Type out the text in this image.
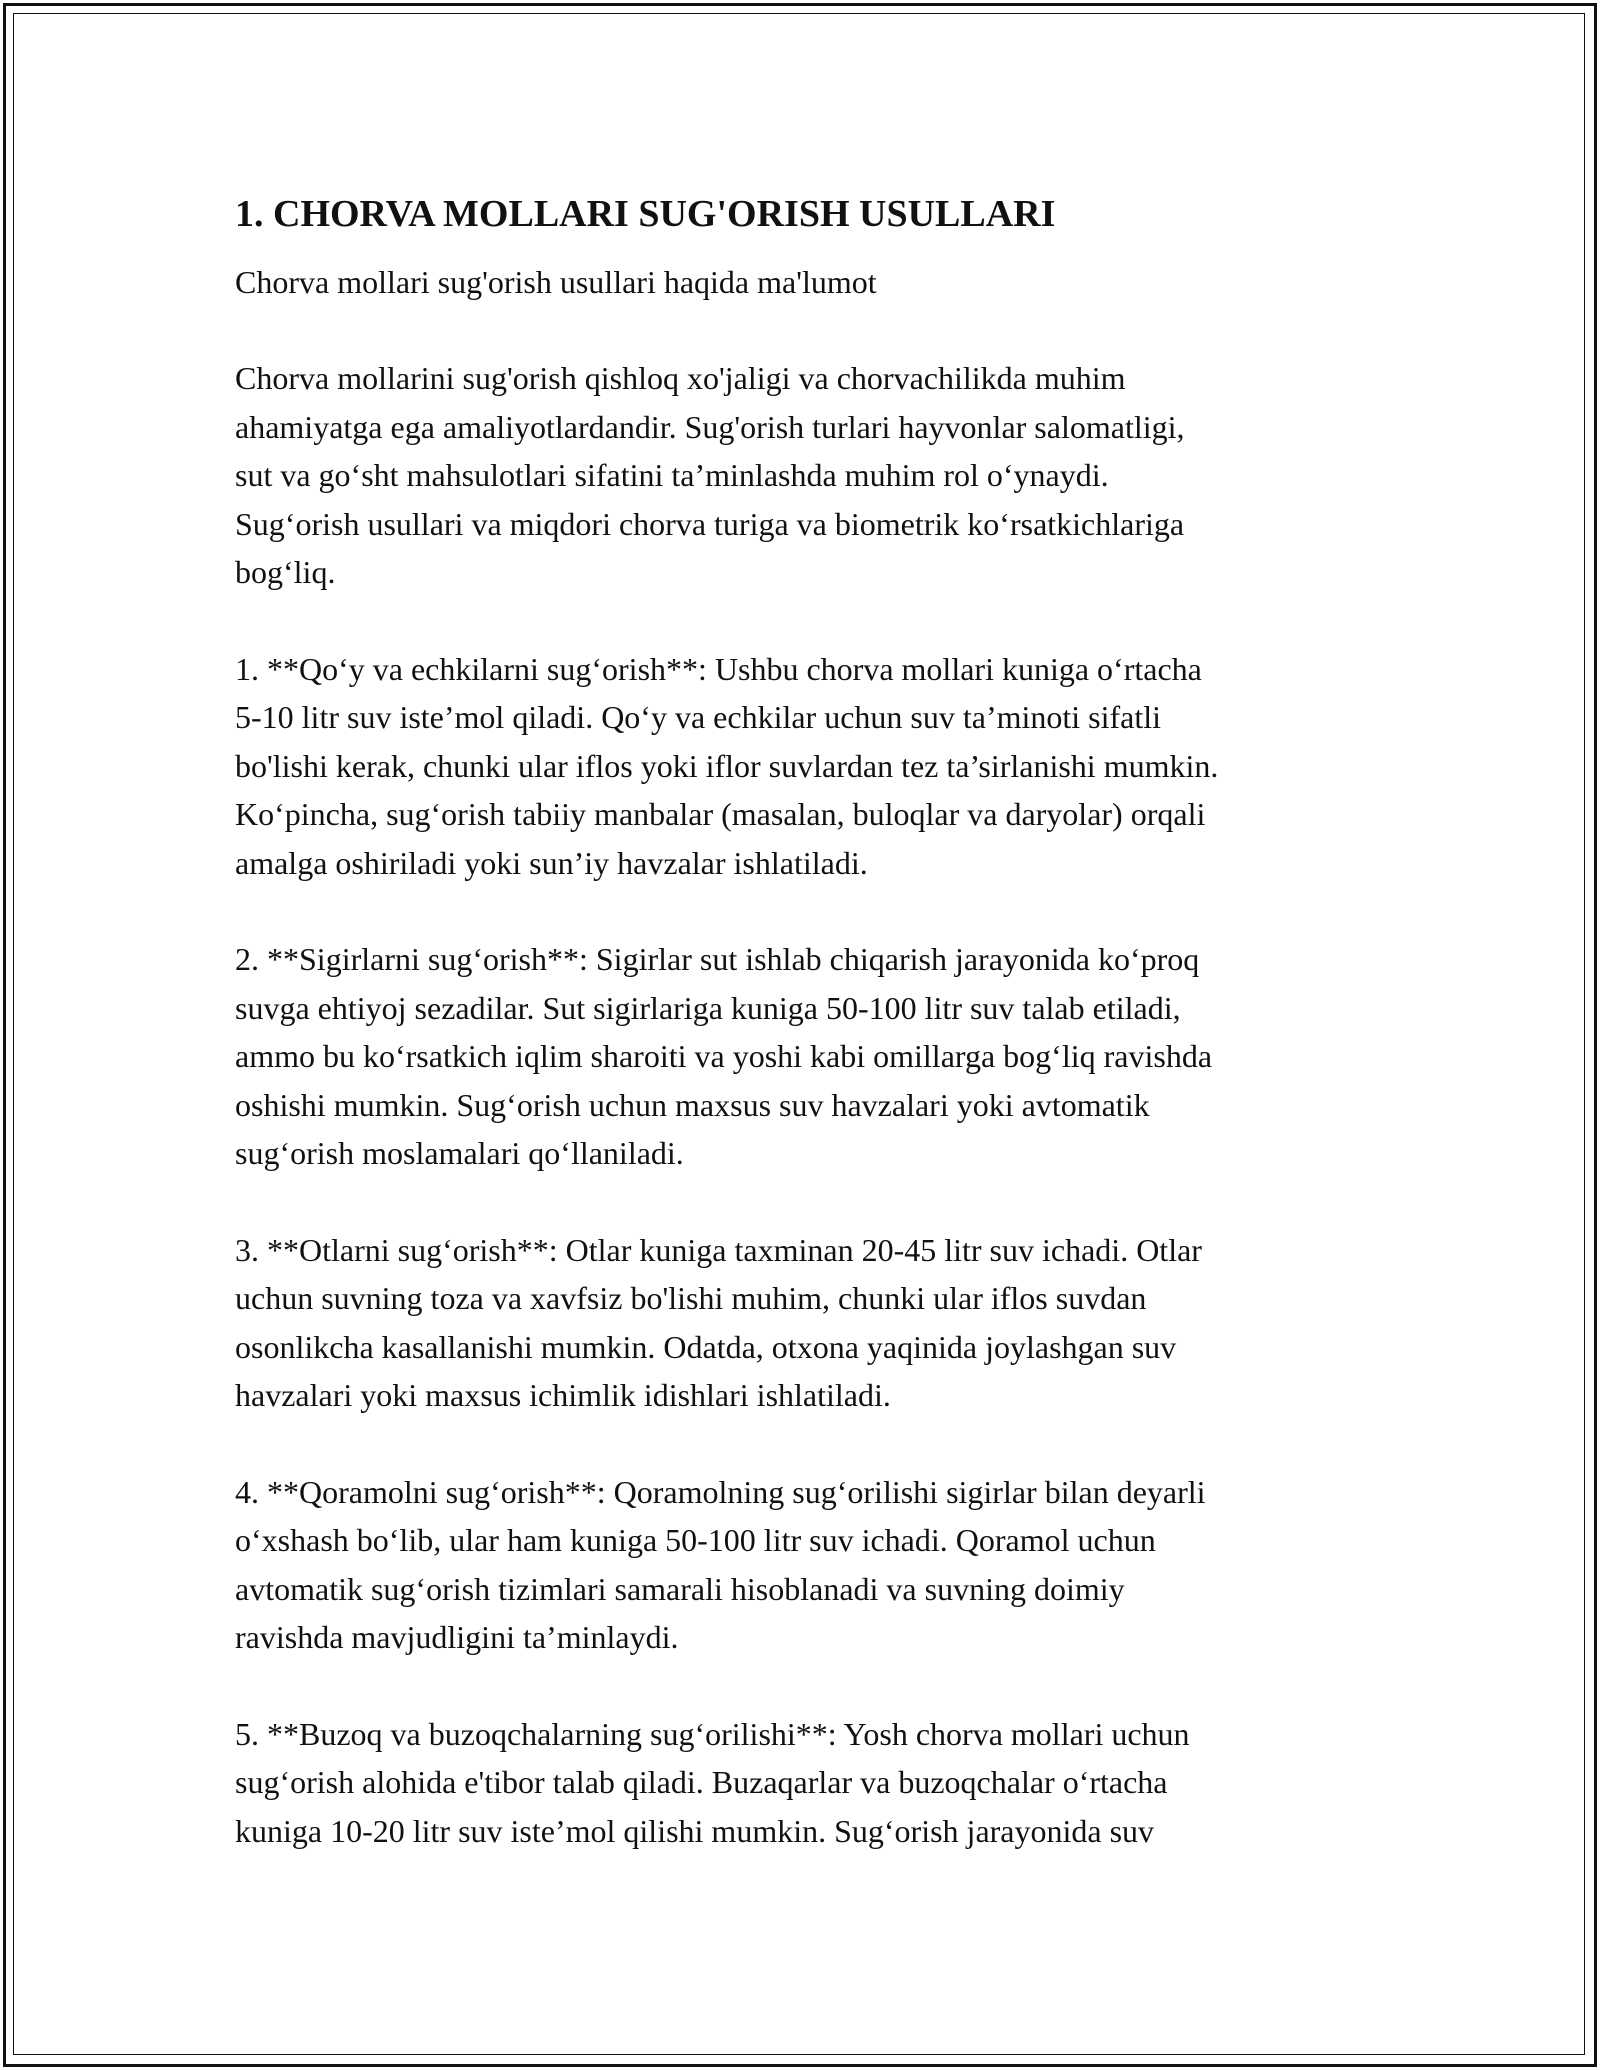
1. CHORVA MOLLARI SUG'ORISH USULLARI

Chorva mollari sug'orish usullari haqida ma'lumot

Chorva mollarini sug'orish qishloq xo'jaligi va chorvachilikda muhim
ahamiyatga ega amaliyotlardandir. Sug'orish turlari hayvonlar salomatligi,
sut va go‘sht mahsulotlari sifatini ta’minlashda muhim rol o‘ynaydi.
Sug‘orish usullari va miqdori chorva turiga va biometrik ko‘rsatkichlariga
bog‘liq.

1. **Qo‘y va echkilarni sug‘orish**: Ushbu chorva mollari kuniga o‘rtacha
5-10 litr suv iste’mol qiladi. Qo‘y va echkilar uchun suv ta’minoti sifatli
bo'lishi kerak, chunki ular iflos yoki iflor suvlardan tez ta’sirlanishi mumkin.
Ko‘pincha, sug‘orish tabiiy manbalar (masalan, buloqlar va daryolar) orqali
amalga oshiriladi yoki sun’iy havzalar ishlatiladi.

2. **Sigirlarni sug‘orish**: Sigirlar sut ishlab chiqarish jarayonida ko‘proq
suvga ehtiyoj sezadilar. Sut sigirlariga kuniga 50-100 litr suv talab etiladi,
ammo bu ko‘rsatkich iqlim sharoiti va yoshi kabi omillarga bog‘liq ravishda
oshishi mumkin. Sug‘orish uchun maxsus suv havzalari yoki avtomatik
sug‘orish moslamalari qo‘llaniladi.

3. **Otlarni sug‘orish**: Otlar kuniga taxminan 20-45 litr suv ichadi. Otlar
uchun suvning toza va xavfsiz bo'lishi muhim, chunki ular iflos suvdan
osonlikcha kasallanishi mumkin. Odatda, otxona yaqinida joylashgan suv
havzalari yoki maxsus ichimlik idishlari ishlatiladi.

4. **Qoramolni sug‘orish**: Qoramolning sug‘orilishi sigirlar bilan deyarli
o‘xshash bo‘lib, ular ham kuniga 50-100 litr suv ichadi. Qoramol uchun
avtomatik sug‘orish tizimlari samarali hisoblanadi va suvning doimiy
ravishda mavjudligini ta’minlaydi.

5. **Buzoq va buzoqchalarning sug‘orilishi**: Yosh chorva mollari uchun
sug‘orish alohida e'tibor talab qiladi. Buzaqarlar va buzoqchalar o‘rtacha
kuniga 10-20 litr suv iste’mol qilishi mumkin. Sug‘orish jarayonida suv
